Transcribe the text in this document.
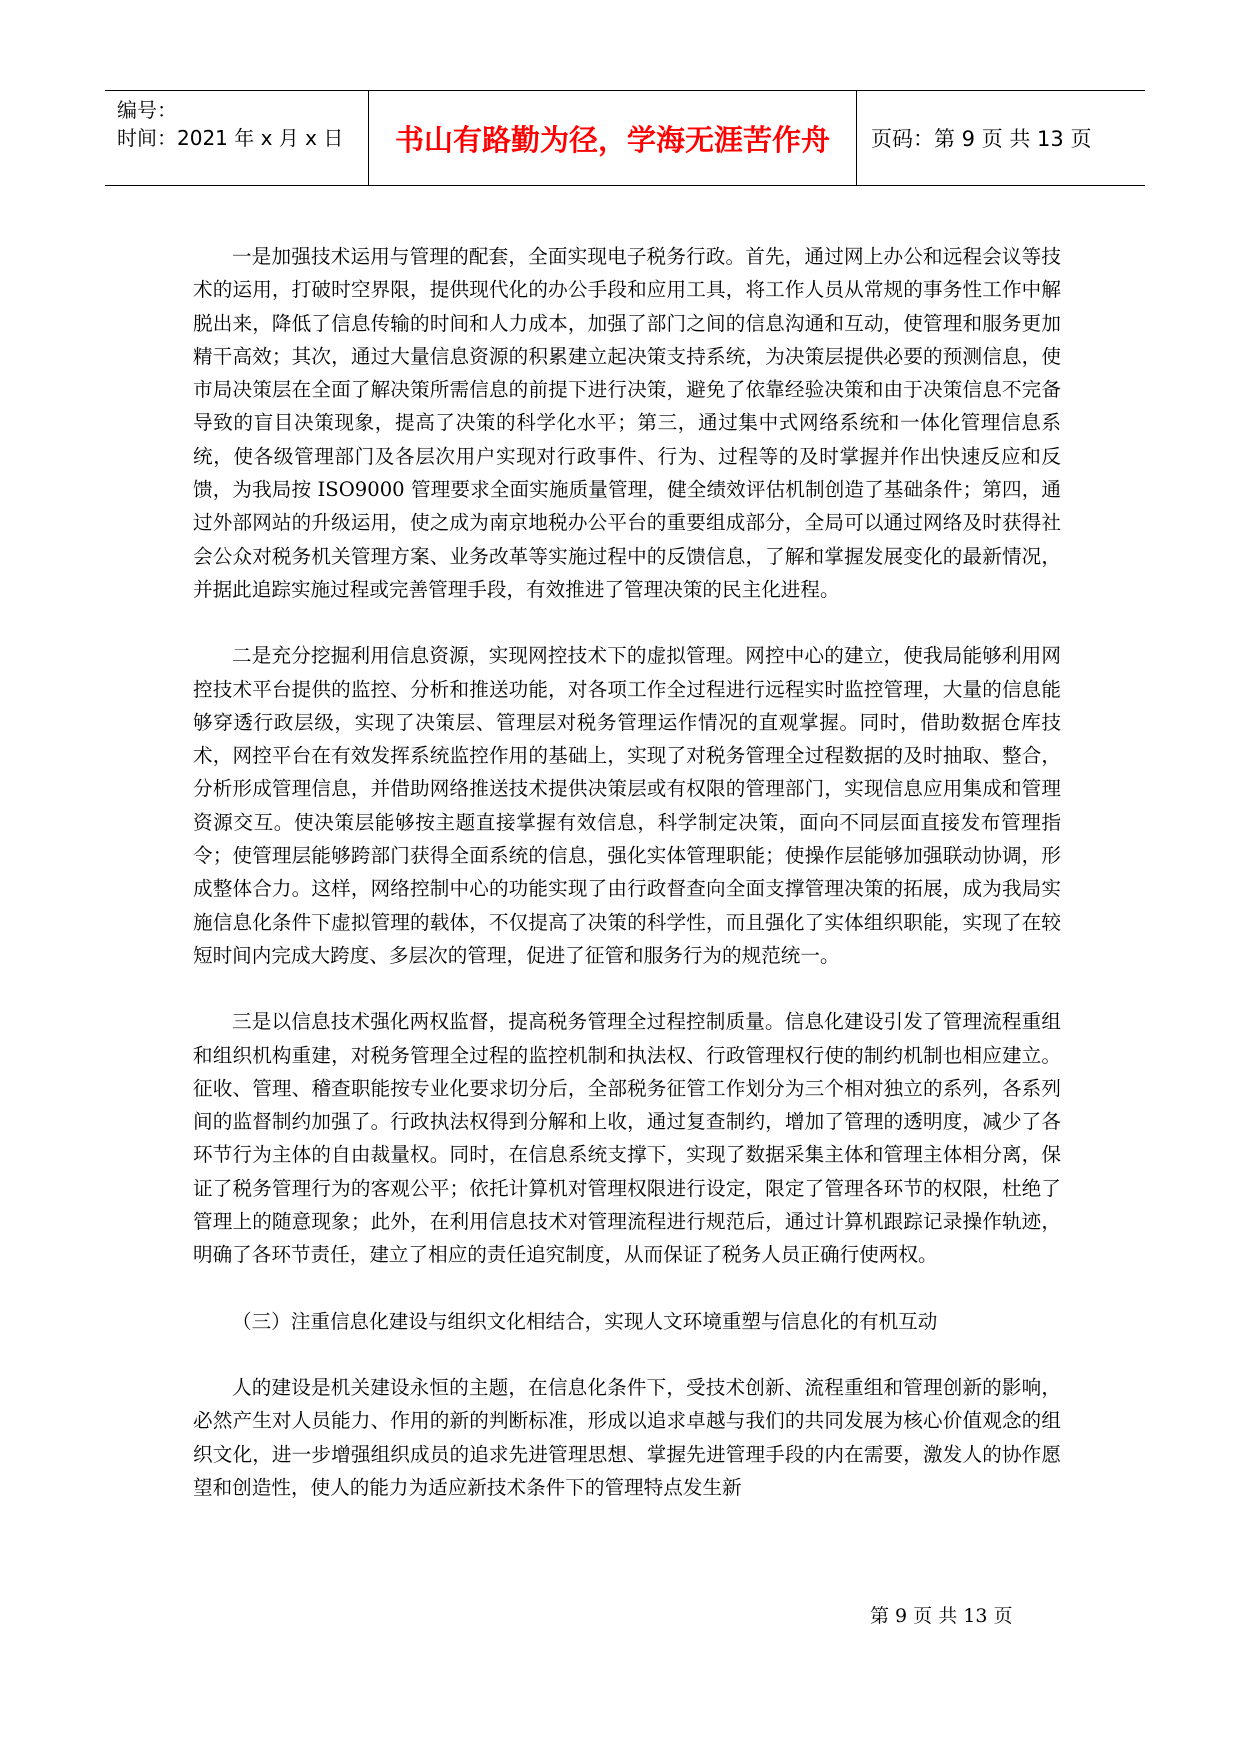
编号：
时间：2021 年 x 月 x 日	书山有路勤为径，学海无涯苦作舟 页码：第 9 页 共 13 页

一是加强技术运用与管理的配套，全面实现电子税务行政。首先，通过网上办公和远程会议等技术的运用，打破时空界限，提供现代化的办公手段和应用工具，将工作人员从常规的事务性工作中解脱出来，降低了信息传输的时间和人力成本，加强了部门之间的信息沟通和互动，使管理和服务更加精干高效；其次，通过大量信息资源的积累建立起决策支持系统，为决策层提供必要的预测信息，使市局决策层在全面了解决策所需信息的前提下进行决策，避免了依靠经验决策和由于决策信息不完备导致的盲目决策现象，提高了决策的科学化水平；第三，通过集中式网络系统和一体化管理信息系统，使各级管理部门及各层次用户实现对行政事件、行为、过程等的及时掌握并作出快速反应和反馈，为我局按 ISO9000 管理要求全面实施质量管理，健全绩效评估机制创造了基础条件；第四，通过外部网站的升级运用，使之成为南京地税办公平台的重要组成部分，全局可以通过网络及时获得社会公众对税务机关管理方案、业务改革等实施过程中的反馈信息，了解和掌握发展变化的最新情况，并据此追踪实施过程或完善管理手段，有效推进了管理决策的民主化进程。

二是充分挖掘利用信息资源，实现网控技术下的虚拟管理。网控中心的建立，使我局能够利用网控技术平台提供的监控、分析和推送功能，对各项工作全过程进行远程实时监控管理，大量的信息能够穿透行政层级，实现了决策层、管理层对税务管理运作情况的直观掌握。同时，借助数据仓库技术，网控平台在有效发挥系统监控作用的基础上，实现了对税务管理全过程数据的及时抽取、整合，分析形成管理信息，并借助网络推送技术提供决策层或有权限的管理部门，实现信息应用集成和管理资源交互。使决策层能够按主题直接掌握有效信息，科学制定决策，面向不同层面直接发布管理指令；使管理层能够跨部门获得全面系统的信息，强化实体管理职能；使操作层能够加强联动协调，形成整体合力。这样，网络控制中心的功能实现了由行政督查向全面支撑管理决策的拓展，成为我局实施信息化条件下虚拟管理的载体，不仅提高了决策的科学性，而且强化了实体组织职能，实现了在较短时间内完成大跨度、多层次的管理，促进了征管和服务行为的规范统一。

三是以信息技术强化两权监督，提高税务管理全过程控制质量。信息化建设引发了管理流程重组和组织机构重建，对税务管理全过程的监控机制和执法权、行政管理权行使的制约机制也相应建立。征收、管理、稽查职能按专业化要求切分后，全部税务征管工作划分为三个相对独立的系列，各系列间的监督制约加强了。行政执法权得到分解和上收，通过复查制约，增加了管理的透明度，减少了各环节行为主体的自由裁量权。同时，在信息系统支撑下，实现了数据采集主体和管理主体相分离，保证了税务管理行为的客观公平；依托计算机对管理权限进行设定，限定了管理各环节的权限，杜绝了管理上的随意现象；此外，在利用信息技术对管理流程进行规范后，通过计算机跟踪记录操作轨迹，明确了各环节责任，建立了相应的责任追究制度，从而保证了税务人员正确行使两权。

（三）注重信息化建设与组织文化相结合，实现人文环境重塑与信息化的有机互动

人的建设是机关建设永恒的主题，在信息化条件下，受技术创新、流程重组和管理创新的影响，必然产生对人员能力、作用的新的判断标准，形成以追求卓越与我们的共同发展为核心价值观念的组织文化，进一步增强组织成员的追求先进管理思想、掌握先进管理手段的内在需要，激发人的协作愿望和创造性，使人的能力为适应新技术条件下的管理特点发生新

第 9 页 共 13 页
